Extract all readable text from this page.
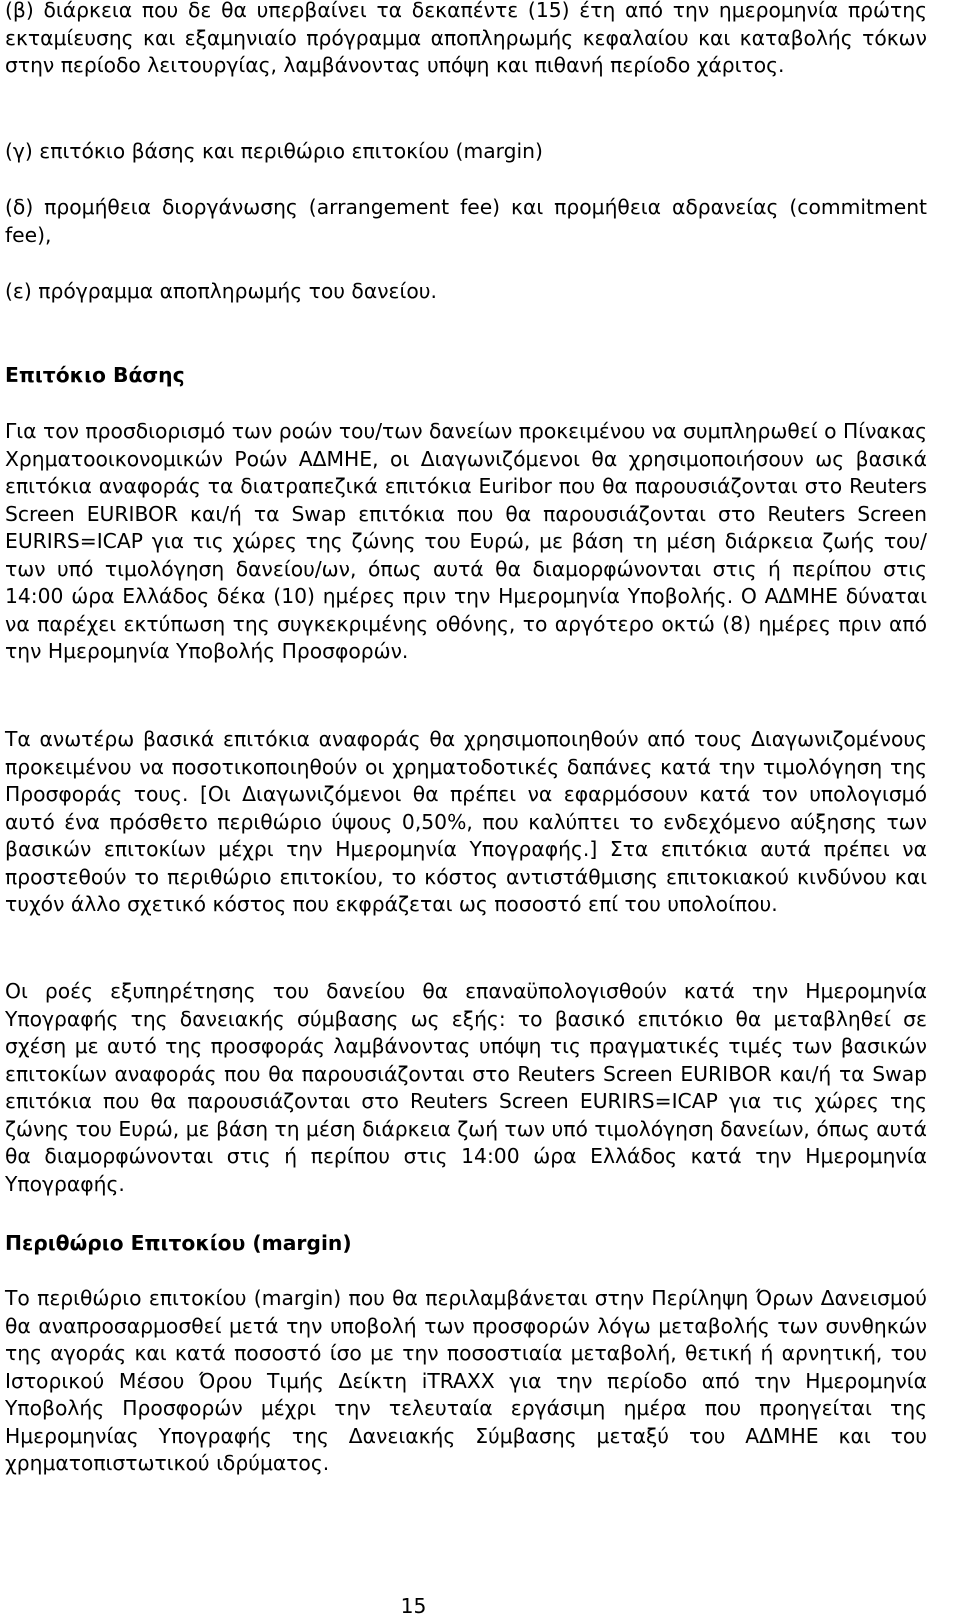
(β) διάρκεια που δε θα υπερβαίνει τα δεκαπέντε (15) έτη από την ημερομηνία πρώτης εκταμίευσης και εξαμηνιαίο πρόγραμμα αποπληρωμής κεφαλαίου και καταβολής τόκων στην περίοδο λειτουργίας, λαμβάνοντας υπόψη και πιθανή περίοδο χάριτος.

(γ) επιτόκιο βάσης και περιθώριο επιτοκίου (margin)

(δ) προμήθεια διοργάνωσης (arrangement fee) και προμήθεια αδρανείας (commitment fee),

(ε) πρόγραμμα αποπληρωμής του δανείου.

Επιτόκιο Βάσης

Για τον προσδιορισμό των ροών του/των δανείων προκειμένου να συμπληρωθεί ο Πίνακας Χρηματοοικονομικών Ροών ΑΔΜΗΕ, οι Διαγωνιζόμενοι θα χρησιμοποιήσουν ως βασικά επιτόκια αναφοράς τα διατραπεζικά επιτόκια Euribor που θα παρουσιάζονται στο Reuters Screen EURIBOR και/ή τα Swap επιτόκια που θα παρουσιάζονται στο Reuters Screen EURIRS=ICAP για τις χώρες της ζώνης του Ευρώ, με βάση τη μέση διάρκεια ζωής του/των υπό τιμολόγηση δανείου/ων, όπως αυτά θα διαμορφώνονται στις ή περίπου στις 14:00 ώρα Ελλάδος δέκα (10) ημέρες πριν την Ημερομηνία Υποβολής. Ο ΑΔΜΗΕ δύναται να παρέχει εκτύπωση της συγκεκριμένης οθόνης, το αργότερο οκτώ (8) ημέρες πριν από την Ημερομηνία Υποβολής Προσφορών.

Τα ανωτέρω βασικά επιτόκια αναφοράς θα χρησιμοποιηθούν από τους Διαγωνιζομένους προκειμένου να ποσοτικοποιηθούν οι χρηματοδοτικές δαπάνες κατά την τιμολόγηση της Προσφοράς τους. [Οι Διαγωνιζόμενοι θα πρέπει να εφαρμόσουν κατά τον υπολογισμό αυτό ένα πρόσθετο περιθώριο ύψους 0,50%, που καλύπτει το ενδεχόμενο αύξησης των βασικών επιτοκίων μέχρι την Ημερομηνία Υπογραφής.] Στα επιτόκια αυτά πρέπει να προστεθούν το περιθώριο επιτοκίου, το κόστος αντιστάθμισης επιτοκιακού κινδύνου και τυχόν άλλο σχετικό κόστος που εκφράζεται ως ποσοστό επί του υπολοίπου.

Οι ροές εξυπηρέτησης του δανείου θα επαναϋπολογισθούν κατά την Ημερομηνία Υπογραφής της δανειακής σύμβασης ως εξής: το βασικό επιτόκιο θα μεταβληθεί σε σχέση με αυτό της προσφοράς λαμβάνοντας υπόψη τις πραγματικές τιμές των βασικών επιτοκίων αναφοράς που θα παρουσιάζονται στο Reuters Screen EURIBOR και/ή τα Swap επιτόκια που θα παρουσιάζονται στο Reuters Screen EURIRS=ICAP για τις χώρες της ζώνης του Ευρώ, με βάση τη μέση διάρκεια ζωή των υπό τιμολόγηση δανείων, όπως αυτά θα διαμορφώνονται στις ή περίπου στις 14:00 ώρα Ελλάδος κατά την Ημερομηνία Υπογραφής.

Περιθώριο Επιτοκίου (margin)

Το περιθώριο επιτοκίου (margin) που θα περιλαμβάνεται στην Περίληψη Όρων Δανεισμού θα αναπροσαρμοσθεί μετά την υποβολή των προσφορών λόγω μεταβολής των συνθηκών της αγοράς και κατά ποσοστό ίσο με την ποσοστιαία μεταβολή, θετική ή αρνητική, του Ιστορικού Μέσου Όρου Τιμής Δείκτη iTRAXX για την περίοδο από την Ημερομηνία Υποβολής Προσφορών μέχρι την τελευταία εργάσιμη ημέρα που προηγείται της Ημερομηνίας Υπογραφής της Δανειακής Σύμβασης μεταξύ του ΑΔΜΗΕ και του χρηματοπιστωτικού ιδρύματος.

15
